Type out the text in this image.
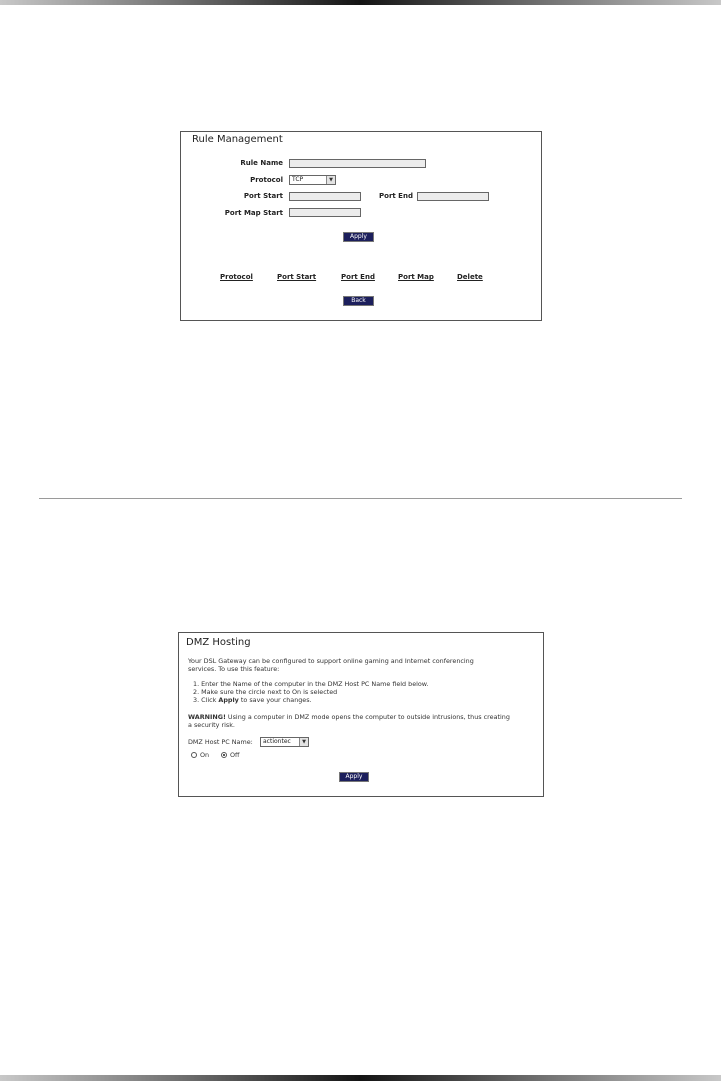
Rule Management
Rule Name
Protocol	TCP	▼
Port Start	Port End
Port Map Start
Apply
Protocol	Port Start	Port End	Port Map	Delete
Back
DMZ Hosting
Your DSL Gateway can be configured to support online gaming and Internet conferencing
services. To use this feature:
1. Enter the Name of the computer in the DMZ Host PC Name field below.
2. Make sure the circle next to On is selected
3. Click Apply to save your changes.
WARNING! Using a computer in DMZ mode opens the computer to outside intrusions, thus creating
a security risk.
DMZ Host PC Name:	actiontec	▼
On	Off
Apply
